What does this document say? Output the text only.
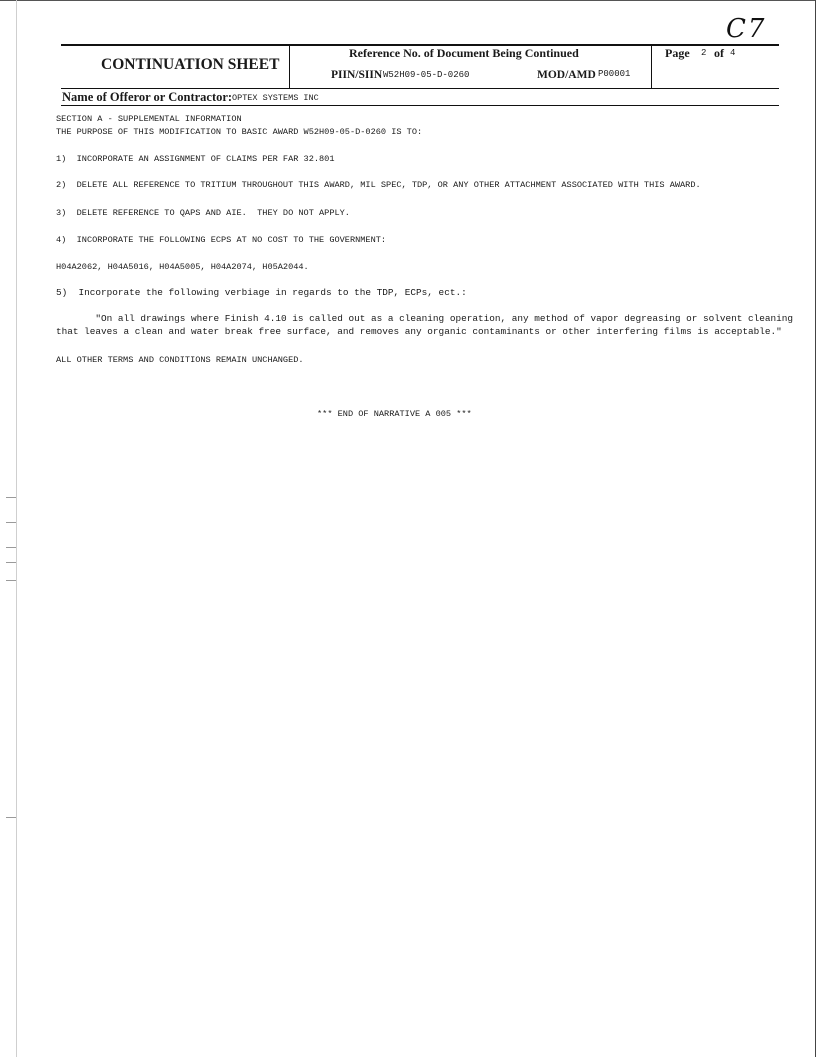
C7
CONTINUATION SHEET
Reference No. of Document Being Continued
PIIN/SIIN W52H09-05-D-0260	MOD/AMD P00001
Page 2 of 4
Name of Offeror or Contractor: OPTEX SYSTEMS INC
SECTION A - SUPPLEMENTAL INFORMATION
THE PURPOSE OF THIS MODIFICATION TO BASIC AWARD W52H09-05-D-0260 IS TO:
1)  INCORPORATE AN ASSIGNMENT OF CLAIMS PER FAR 32.801
2)  DELETE ALL REFERENCE TO TRITIUM THROUGHOUT THIS AWARD, MIL SPEC, TDP, OR ANY OTHER ATTACHMENT ASSOCIATED WITH THIS AWARD.
3)  DELETE REFERENCE TO QAPS AND AIE.  THEY DO NOT APPLY.
4)  INCORPORATE THE FOLLOWING ECPS AT NO COST TO THE GOVERNMENT:
H04A2062, H04A5016, H04A5005, H04A2074, H05A2044.
5)  Incorporate the following verbiage in regards to the TDP, ECPs, ect.:
"On all drawings where Finish 4.10 is called out as a cleaning operation, any method of vapor degreasing or solvent cleaning
that leaves a clean and water break free surface, and removes any organic contaminants or other interfering films is acceptable."
ALL OTHER TERMS AND CONDITIONS REMAIN UNCHANGED.
*** END OF NARRATIVE A 005 ***
